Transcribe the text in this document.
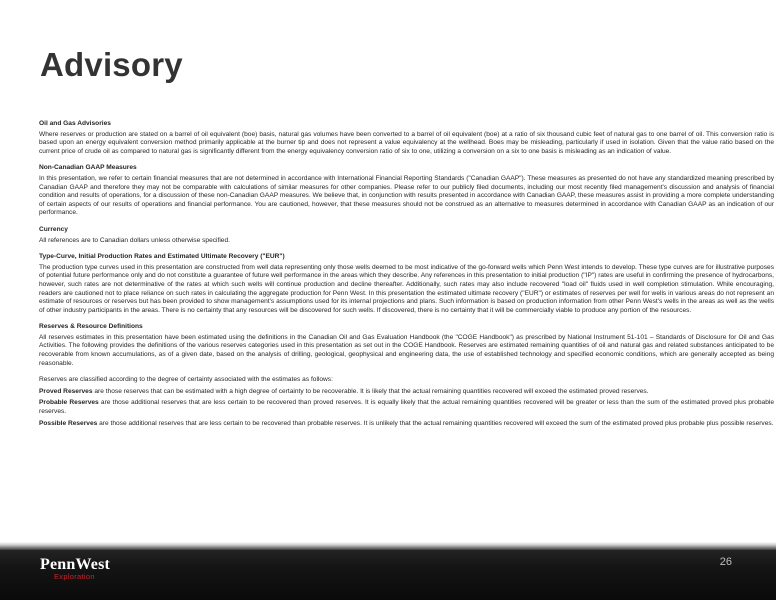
Advisory
Oil and Gas Advisories

Where reserves or production are stated on a barrel of oil equivalent (boe) basis, natural gas volumes have been converted to a barrel of oil equivalent (boe) at a ratio of six thousand cubic feet of natural gas to one barrel of oil. This conversion ratio is based upon an energy equivalent conversion method primarily applicable at the burner tip and does not represent a value equivalency at the wellhead. Boes may be misleading, particularly if used in isolation. Given that the value ratio based on the current price of crude oil as compared to natural gas is significantly different from the energy equivalency conversion ratio of six to one, utilizing a conversion on a six to one basis is misleading as an indication of value.

Non-Canadian GAAP Measures

In this presentation, we refer to certain financial measures that are not determined in accordance with International Financial Reporting Standards ("Canadian GAAP"). These measures as presented do not have any standardized meaning prescribed by Canadian GAAP and therefore they may not be comparable with calculations of similar measures for other companies. Please refer to our publicly filed documents, including our most recently filed management's discussion and analysis of financial condition and results of operations, for a discussion of these non-Canadian GAAP measures. We believe that, in conjunction with results presented in accordance with Canadian GAAP, these measures assist in providing a more complete understanding of certain aspects of our results of operations and financial performance. You are cautioned, however, that these measures should not be construed as an alternative to measures determined in accordance with Canadian GAAP as an indication of our performance.

Currency

All references are to Canadian dollars unless otherwise specified.

Type-Curve, Initial Production Rates and Estimated Ultimate Recovery ("EUR")

The production type curves used in this presentation are constructed from well data representing only those wells deemed to be most indicative of the go-forward wells which Penn West intends to develop. These type curves are for illustrative purposes of potential future performance only and do not constitute a guarantee of future well performance in the areas which they describe. Any references in this presentation to initial production ("IP") rates are useful in confirming the presence of hydrocarbons, however, such rates are not determinative of the rates at which such wells will continue production and decline thereafter. Additionally, such rates may also include recovered "load oil" fluids used in well completion stimulation. While encouraging, readers are cautioned not to place reliance on such rates in calculating the aggregate production for Penn West. In this presentation the estimated ultimate recovery ("EUR") or estimates of reserves per well for wells in various areas do not represent an estimate of resources or reserves but has been provided to show management's assumptions used for its internal projections and plans. Such information is based on production information from other Penn West's wells in the areas as well as the wells of other industry participants in the areas. There is no certainty that any resources will be discovered for such wells. If discovered, there is no certainty that it will be commercially viable to produce any portion of the resources.

Reserves & Resource Definitions

All reserves estimates in this presentation have been estimated using the definitions in the Canadian Oil and Gas Evaluation Handbook (the "COGE Handbook") as prescribed by National Instrument 51-101 – Standards of Disclosure for Oil and Gas Activities. The following provides the definitions of the various reserves categories used in this presentation as set out in the COGE Handbook. Reserves are estimated remaining quantities of oil and natural gas and related substances anticipated to be recoverable from known accumulations, as of a given date, based on the analysis of drilling, geological, geophysical and engineering data, the use of established technology and specified economic conditions, which are generally accepted as being reasonable.

Reserves are classified according to the degree of certainty associated with the estimates as follows:

Proved Reserves are those reserves that can be estimated with a high degree of certainty to be recoverable. It is likely that the actual remaining quantities recovered will exceed the estimated proved reserves.

Probable Reserves are those additional reserves that are less certain to be recovered than proved reserves. It is equally likely that the actual remaining quantities recovered will be greater or less than the sum of the estimated proved plus probable reserves.

Possible Reserves are those additional reserves that are less certain to be recovered than probable reserves. It is unlikely that the actual remaining quantities recovered will exceed the sum of the estimated proved plus probable plus possible reserves.

PennWest
Exploration
26
